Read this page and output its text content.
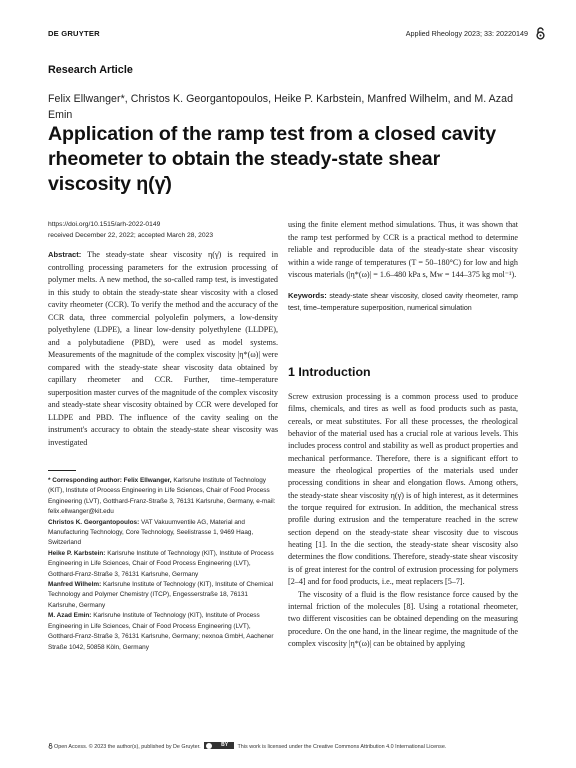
DE GRUYTER	Applied Rheology 2023; 33: 20220149
Research Article
Felix Ellwanger*, Christos K. Georgantopoulos, Heike P. Karbstein, Manfred Wilhelm, and M. Azad Emin
Application of the ramp test from a closed cavity rheometer to obtain the steady-state shear viscosity η(γ̇)
https://doi.org/10.1515/arh-2022-0149
received December 22, 2022; accepted March 28, 2023
Abstract: The steady-state shear viscosity η(γ̇) is required in controlling processing parameters for the extrusion processing of polymer melts. A new method, the so-called ramp test, is investigated in this study to obtain the steady-state shear viscosity with a closed cavity rheometer (CCR). To verify the method and the accuracy of the CCR data, three commercial polyolefin polymers, a low-density polyethylene (LDPE), a linear low-density polyethylene (LLDPE), and a polybutadiene (PBD), were used as model systems. Measurements of the magnitude of the complex viscosity |η*(ω)| were compared with the steady-state shear viscosity data obtained by capillary rheometer and CCR. Further, time–temperature superposition master curves of the magnitude of the complex viscosity and steady-state shear viscosity obtained by CCR were developed for LLDPE and PBD. The influence of the cavity sealing on the instrument's accuracy to obtain the steady-state shear viscosity was investigated
using the finite element method simulations. Thus, it was shown that the ramp test performed by CCR is a practical method to determine reliable and reproducible data of the steady-state shear viscosity within a wide range of temperatures (T = 50–180°C) for low and high viscous materials (|η*(ω)| = 1.6–480 kPa s, Mw = 144–375 kg mol⁻¹).
Keywords: steady-state shear viscosity, closed cavity rheometer, ramp test, time–temperature superposition, numerical simulation
1 Introduction

Screw extrusion processing is a common process used to produce films, chemicals, and tires as well as food products such as pasta, cereals, or meat substitutes. For all these processes, the rheological behavior of the material used has a crucial role at various levels. This includes process control and stability as well as product properties and mechanical performance. Therefore, there is a significant effort to measure the rheological properties of the materials used under processing conditions in shear and elongation flows. Among others, the steady-state shear viscosity η(γ̇) is of high interest, as it determines the torque required for extrusion. In addition, the mechanical stress profile during extrusion and the temperature reached in the screw section depend on the steady-state shear viscosity due to viscous heating [1]. In the die section, the steady-state shear viscosity also determines the flow conditions. Therefore, steady-state shear viscosity is of great interest for the control of extrusion processing for polymers [2–4] and for food products, i.e., meat replacers [5–7].

The viscosity of a fluid is the flow resistance force caused by the internal friction of the molecules [8]. Using a rotational rheometer, two different viscosities can be obtained depending on the measuring procedure. On the one hand, in the linear regime, the magnitude of the complex viscosity |η*(ω)| can be obtained by applying

* Corresponding author: Felix Ellwanger, Karlsruhe Institute of Technology (KIT), Institute of Process Engineering in Life Sciences, Chair of Food Process Engineering (LVT), Gotthard-Franz-Straße 3, 76131 Karlsruhe, Germany, e-mail: felix.ellwanger@kit.edu
Christos K. Georgantopoulos: VAT Vakuumventile AG, Material and Manufacturing Technology, Core Technology, Seelistrasse 1, 9469 Haag, Switzerland
Heike P. Karbstein: Karlsruhe Institute of Technology (KIT), Institute of Process Engineering in Life Sciences, Chair of Food Process Engineering (LVT), Gotthard-Franz-Straße 3, 76131 Karlsruhe, Germany
Manfred Wilhelm: Karlsruhe Institute of Technology (KIT), Institute of Chemical Technology and Polymer Chemistry (ITCP), Engesserstraße 18, 76131 Karlsruhe, Germany
M. Azad Emin: Karlsruhe Institute of Technology (KIT), Institute of Process Engineering in Life Sciences, Chair of Food Process Engineering (LVT), Gotthard-Franz-Straße 3, 76131 Karlsruhe, Germany; nexnoa GmbH, Aachener Straße 1042, 50858 Köln, Germany
Open Access. © 2023 the author(s), published by De Gruyter. BY	This work is licensed under the Creative Commons Attribution 4.0 International License.
